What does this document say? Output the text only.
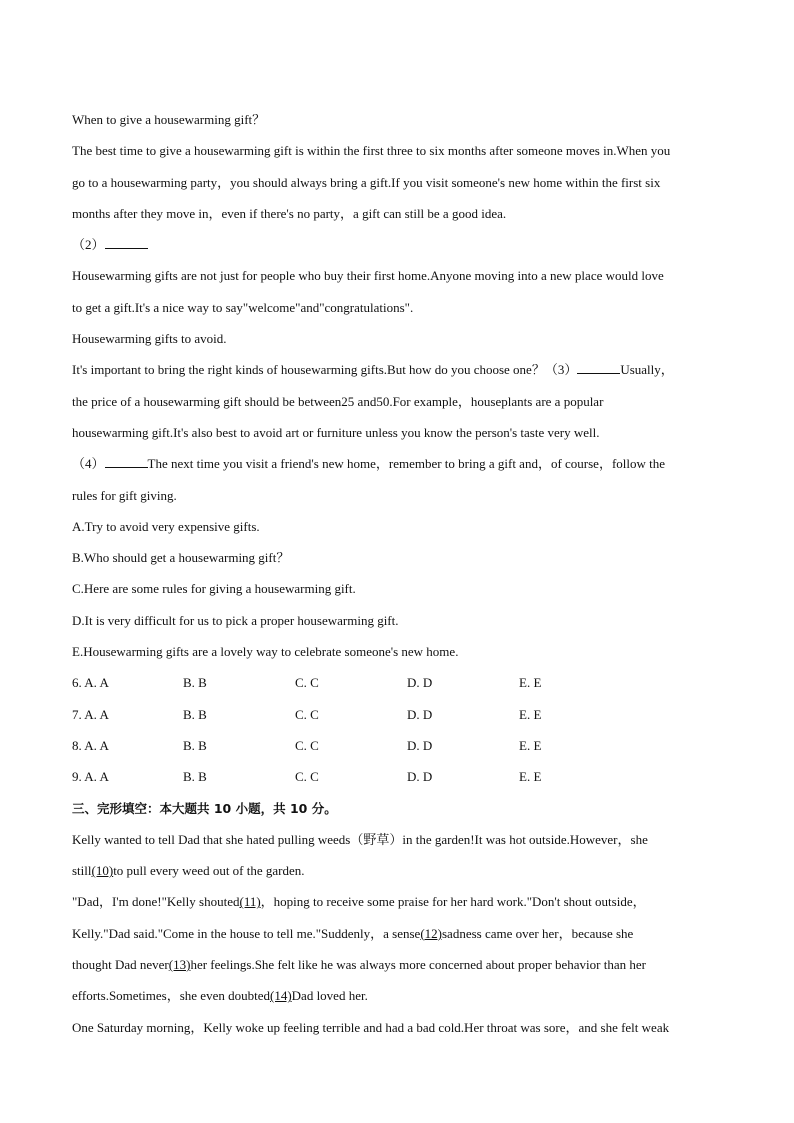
When to give a housewarming gift？
The best time to give a housewarming gift is within the first three to six months after someone moves in.When you
go to a housewarming party，you should always bring a gift.If you visit someone's new home within the first six
months after they move in，even if there's no party，a gift can still be a good idea.
（2）
Housewarming gifts are not just for people who buy their first home.Anyone moving into a new place would love
to get a gift.It's a nice way to say"welcome"and"congratulations".
Housewarming gifts to avoid.
It's important to bring the right kinds of housewarming gifts.But how do you choose one？（3）	Usually，
the price of a housewarming gift should be between25 and50.For example，houseplants are a popular
housewarming gift.It's also best to avoid art or furniture unless you know the person's taste very well.
（4）	The next time you visit a friend's new home，remember to bring a gift and，of course，follow the
rules for gift giving.
A.Try to avoid very expensive gifts.
B.Who should get a housewarming gift？
C.Here are some rules for giving a housewarming gift.
D.It is very difficult for us to pick a proper housewarming gift.
E.Housewarming gifts are a lovely way to celebrate someone's new home.
6. A. A	B. B	C. C	D. D	E. E
7. A. A	B. B	C. C	D. D	E. E
8. A. A	B. B	C. C	D. D	E. E
9. A. A	B. B	C. C	D. D	E. E
三、完形填空：本大题共 10 小题，共 10 分。
Kelly wanted to tell Dad that she hated pulling weeds（野草）in the garden!It was hot outside.However，she
still(10)to pull every weed out of the garden.
"Dad，I'm done!"Kelly shouted(11)，hoping to receive some praise for her hard work."Don't shout outside，
Kelly."Dad said."Come in the house to tell me."Suddenly，a sense(12)sadness came over her，because she
thought Dad never(13)her feelings.She felt like he was always more concerned about proper behavior than her
efforts.Sometimes，she even doubted(14)Dad loved her.
One Saturday morning，Kelly woke up feeling terrible and had a bad cold.Her throat was sore，and she felt weak
